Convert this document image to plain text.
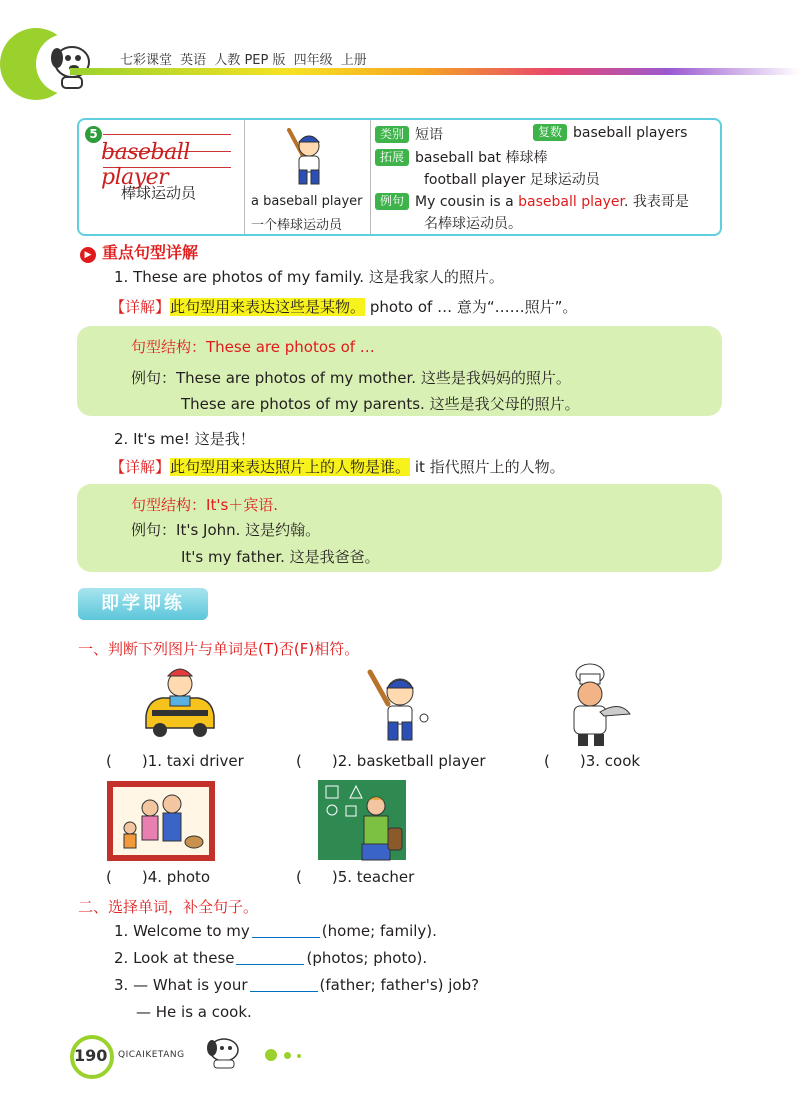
七彩课堂 英语 人教 PEP 版 四年级 上册
5
baseball player
棒球运动员	a baseball player
一个棒球运动员
类别 短语	复数 baseball players
拓展 baseball bat 棒球棒
football player 足球运动员
例句 My cousin is a baseball player. 我表哥是
名棒球运动员。
▶ 重点句型详解
1. These are photos of my family. 这是我家人的照片。
【详解】此句型用来表达这些是某物。 photo of … 意为“……照片”。
句型结构：These are photos of …
例句：These are photos of my mother. 这些是我妈妈的照片。
These are photos of my parents. 这些是我父母的照片。
2. It's me! 这是我！
【详解】此句型用来表达照片上的人物是谁。 it 指代照片上的人物。
句型结构：It's＋宾语.
例句：It's John. 这是约翰。
It's my father. 这是我爸爸。
即学即练
一、判断下列图片与单词是(T)否(F)相符。
( )1. taxi driver	( )2. basketball player	( )3. cook
( )4. photo	( )5. teacher
二、选择单词，补全句子。
1. Welcome to my	(home; family).
2. Look at these	(photos; photo).
3. — What is your	(father; father's) job?
— He is a cook.
190 QICAIKETANG
